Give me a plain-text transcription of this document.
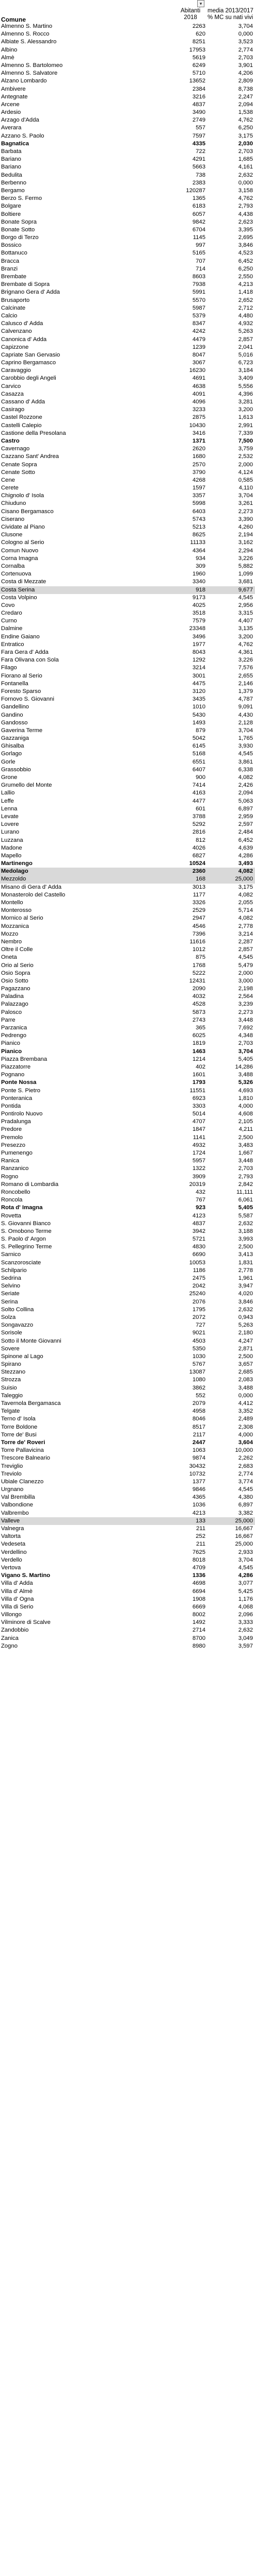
▾
Comune
Abitanti
2018
media 2013/2017
% MC su nati vivi
Almenno S. Martino	2263	3,704
Almenno S. Rocco	620	0,000
Albiate S. Alessandro	8251	3,523
Albino	17953	2,774
Almè	5619	2,703
Almenno S. Bartolomeo	6249	3,901
Almenno S. Salvatore	5710	4,206
Alzano Lombardo	13652	2,809
Ambivere	2384	8,738
Antegnate	3216	2,247
Arcene	4837	2,094
Ardesio	3490	1,538
Arzago d'Adda	2749	4,762
Averara	557	6,250
Azzano S. Paolo	7597	3,175
Bagnatica	4335	2,030
Barbata	722	2,703
Bariano	4291	1,685
Bariano	5663	4,161
Bedulita	738	2,632
Berbenno	2383	0,000
Bergamo	120287	3,158
Berzo S. Fermo	1365	4,762
Bolgare	6183	2,793
Boltiere	6057	4,438
Bonate Sopra	9842	2,623
Bonate Sotto	6704	3,395
Borgo di Terzo	1145	2,695
Bossico	997	3,846
Bottanuco	5165	4,523
Bracca	707	6,452
Branzi	714	6,250
Brembate	8603	2,550
Brembate di Sopra	7938	4,213
Brignano Gera d' Adda	5991	1,418
Brusaporto	5570	2,652
Calcinate	5987	2,712
Calcio	5379	4,480
Calusco d' Adda	8347	4,932
Calvenzano	4242	5,263
Canonica d' Adda	4479	2,857
Capizzone	1239	2,041
Capriate San Gervasio	8047	5,016
Caprino Bergamasco	3067	6,723
Caravaggio	16230	3,184
Carobbio degli Angeli	4691	3,409
Carvico	4638	5,556
Casazza	4091	4,396
Cassano d' Adda	4096	3,281
Casirago	3233	3,200
Castel Rozzone	2875	1,613
Castelli Calepio	10430	2,991
Castione della Presolana	3416	7,339
Castro	1371	7,500
Cavernago	2620	3,759
Cazzano Sant' Andrea	1680	2,532
Cenate Sopra	2570	2,000
Cenate Sotto	3790	4,124
Cene	4268	0,585
Cerete	1597	4,110
Chignolo d' Isola	3357	3,704
Chiuduno	5998	3,261
Cisano Bergamasco	6403	2,273
Ciserano	5743	3,390
Cividate al Piano	5213	4,260
Clusone	8625	2,194
Cologno al Serio	11133	3,162
Comun Nuovo	4364	2,294
Corna Imagna	934	3,226
Cornalba	309	5,882
Cortenuova	1960	1,099
Costa di Mezzate	3340	3,681
Costa Serina	918	9,677
Costa Volpino	9173	4,545
Covo	4025	2,956
Credaro	3518	3,315
Curno	7579	4,407
Dalmine	23348	3,135
Endine Gaiano	3496	3,200
Entratico	1977	4,762
Fara Gera d' Adda	8043	4,361
Fara Olivana con Sola	1292	3,226
Filago	3214	7,576
Fiorano al Serio	3001	2,655
Fontanella	4475	2,146
Foresto Sparso	3120	1,379
Fornovo S. Giovanni	3435	4,787
Gandellino	1010	9,091
Gandino	5430	4,430
Gandosso	1493	2,128
Gaverina Terme	879	3,704
Gazzaniga	5042	1,765
Ghisalba	6145	3,930
Gorlago	5168	4,545
Gorle	6551	3,861
Grassobbio	6407	6,338
Grone	900	4,082
Grumello del Monte	7414	2,426
Lallio	4163	2,094
Leffe	4477	5,063
Lenna	601	6,897
Levate	3788	2,959
Lovere	5292	2,597
Lurano	2816	2,484
Luzzana	812	6,452
Madone	4026	4,639
Mapello	6827	4,286
Martinengo	10524	3,493
Medolago	2360	4,082
Mezzoldo	168	25,000
Misano di Gera d' Adda	3013	3,175
Monasterolo del Castello	1177	4,082
Montello	3326	2,055
Monterosso	2529	5,714
Mornico al Serio	2947	4,082
Mozzanica	4546	2,778
Mozzo	7396	3,214
Nembro	11616	2,287
Oltre il Colle	1012	2,857
Oneta	875	4,545
Orio al Serio	1768	5,479
Osio Sopra	5222	2,000
Osio Sotto	12431	3,000
Pagazzano	2090	2,198
Paladina	4032	2,564
Palazzago	4528	3,239
Palosco	5873	2,273
Parre	2743	3,448
Parzanica	365	7,692
Pedrengo	6025	4,348
Pianico	1819	2,703
Pianico	1463	3,704
Piazza Brembana	1214	5,405
Piazzatorre	402	14,286
Pognano	1601	3,488
Ponte Nossa	1793	5,326
Ponte S. Pietro	11551	4,693
Ponteranica	6923	1,810
Pontida	3303	4,000
Pontirolo Nuovo	5014	4,608
Pradalunga	4707	2,105
Predore	1847	4,211
Premolo	1141	2,500
Presezzo	4932	3,483
Pumenengo	1724	1,667
Ranica	5957	3,448
Ranzanico	1322	2,703
Rogno	3909	2,793
Romano di Lombardia	20319	2,842
Roncobello	432	11,111
Roncola	767	6,061
Rota d' Imagna	923	5,405
Rovetta	4123	5,587
S. Giovanni Bianco	4837	2,632
S. Omobono Terme	3942	3,188
S. Paolo d' Argon	5721	3,993
S. Pellegrino Terme	4830	2,500
Sarnico	6690	3,413
Scanzorosciate	10053	1,831
Schilpario	1186	2,778
Sedrina	2475	1,961
Selvino	2042	3,947
Seriate	25240	4,020
Serina	2076	3,846
Solto Collina	1795	2,632
Solza	2072	0,943
Songavazzo	727	5,263
Sorisole	9021	2,180
Sotto il Monte Giovanni	4503	4,247
Sovere	5350	2,871
Spinone al Lago	1030	2,500
Spirano	5767	3,657
Stezzano	13087	2,685
Strozza	1080	2,083
Suisio	3862	3,488
Taleggio	552	0,000
Tavernola Bergamasca	2079	4,412
Telgate	4958	3,352
Terno d' Isola	8046	2,489
Torre Boldone	8517	2,308
Torre de' Busi	2117	4,000
Torre de' Roveri	2447	3,604
Torre Pallavicina	1063	10,000
Trescore Balneario	9874	2,262
Treviglio	30432	2,683
Treviolo	10732	2,774
Ubiale Clanezzo	1377	3,774
Urgnano	9846	4,545
Val Brembilla	4365	4,380
Valbondione	1036	6,897
Valbrembo	4213	3,382
Valleve	133	25,000
Valnegra	211	16,667
Valtorta	252	16,667
Vedeseta	211	25,000
Verdellino	7625	2,933
Verdello	8018	3,704
Vertova	4709	4,545
Vigano S. Martino	1336	4,286
Villa d' Adda	4698	3,077
Villa d' Almè	6694	5,425
Villa d' Ogna	1908	1,176
Villa di Serio	6669	4,068
Villongo	8002	2,096
Vilminore di Scalve	1492	3,333
Zandobbio	2714	2,632
Zanica	8700	3,049
Zogno	8980	3,597
